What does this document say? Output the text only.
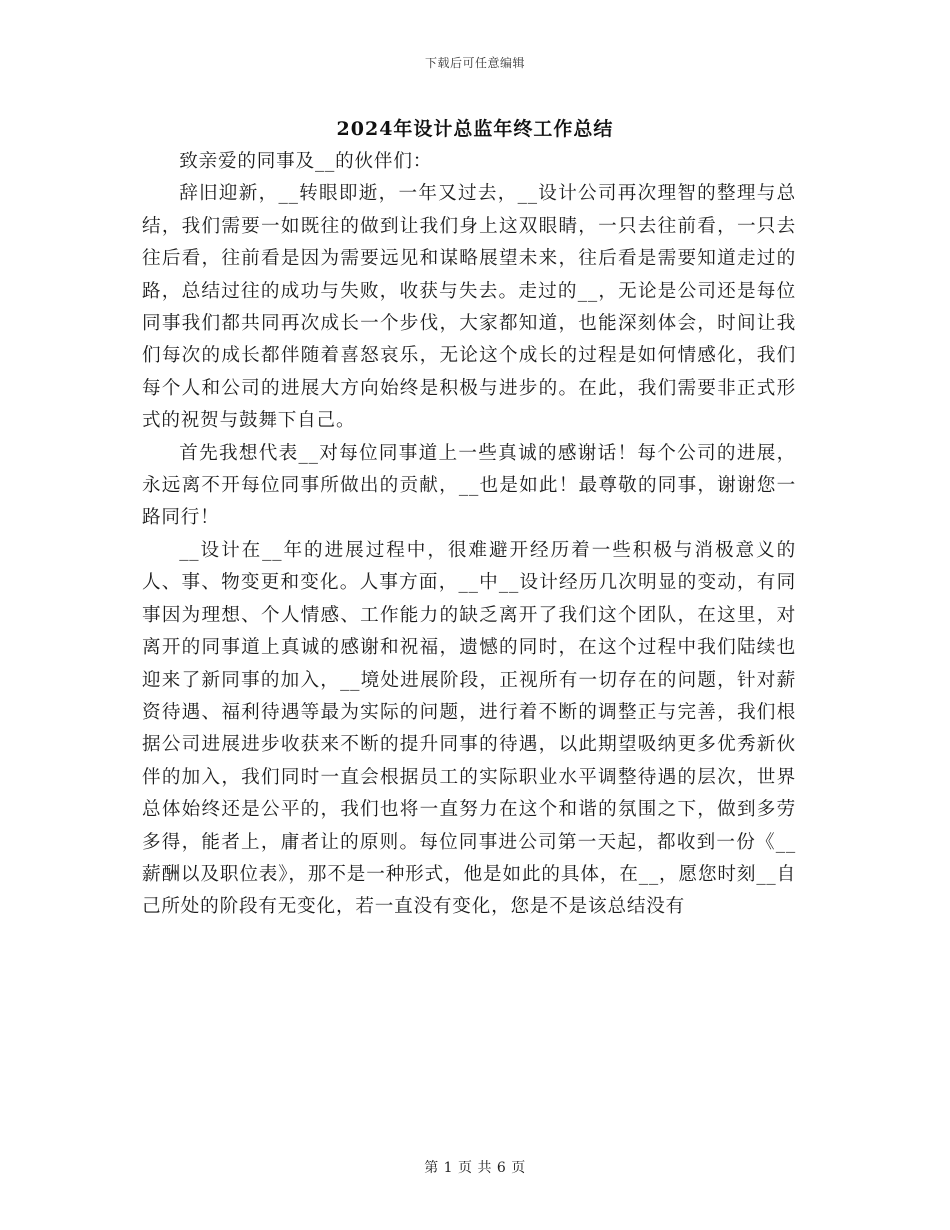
下载后可任意编辑
2024年设计总监年终工作总结

致亲爱的同事及__的伙伴们：

辞旧迎新，__转眼即逝，一年又过去，__设计公司再次理智的整理与总结，我们需要一如既往的做到让我们身上这双眼睛，一只去往前看，一只去往后看，往前看是因为需要远见和谋略展望未来，往后看是需要知道走过的路，总结过往的成功与失败，收获与失去。走过的__，无论是公司还是每位同事我们都共同再次成长一个步伐，大家都知道，也能深刻体会，时间让我们每次的成长都伴随着喜怒哀乐，无论这个成长的过程是如何情感化，我们每个人和公司的进展大方向始终是积极与进步的。在此，我们需要非正式形式的祝贺与鼓舞下自己。

首先我想代表__对每位同事道上一些真诚的感谢话！每个公司的进展，永远离不开每位同事所做出的贡献，__也是如此！最尊敬的同事，谢谢您一路同行！

__设计在__年的进展过程中，很难避开经历着一些积极与消极意义的人、事、物变更和变化。人事方面，__中__设计经历几次明显的变动，有同事因为理想、个人情感、工作能力的缺乏离开了我们这个团队，在这里，对离开的同事道上真诚的感谢和祝福，遗憾的同时，在这个过程中我们陆续也迎来了新同事的加入，__境处进展阶段，正视所有一切存在的问题，针对薪资待遇、福利待遇等最为实际的问题，进行着不断的调整正与完善，我们根据公司进展进步收获来不断的提升同事的待遇，以此期望吸纳更多优秀新伙伴的加入，我们同时一直会根据员工的实际职业水平调整待遇的层次，世界总体始终还是公平的，我们也将一直努力在这个和谐的氛围之下，做到多劳多得，能者上，庸者让的原则。每位同事进公司第一天起，都收到一份《__薪酬以及职位表》，那不是一种形式，他是如此的具体，在__，愿您时刻__自己所处的阶段有无变化，若一直没有变化，您是不是该总结没有

第 1 页 共 6 页
